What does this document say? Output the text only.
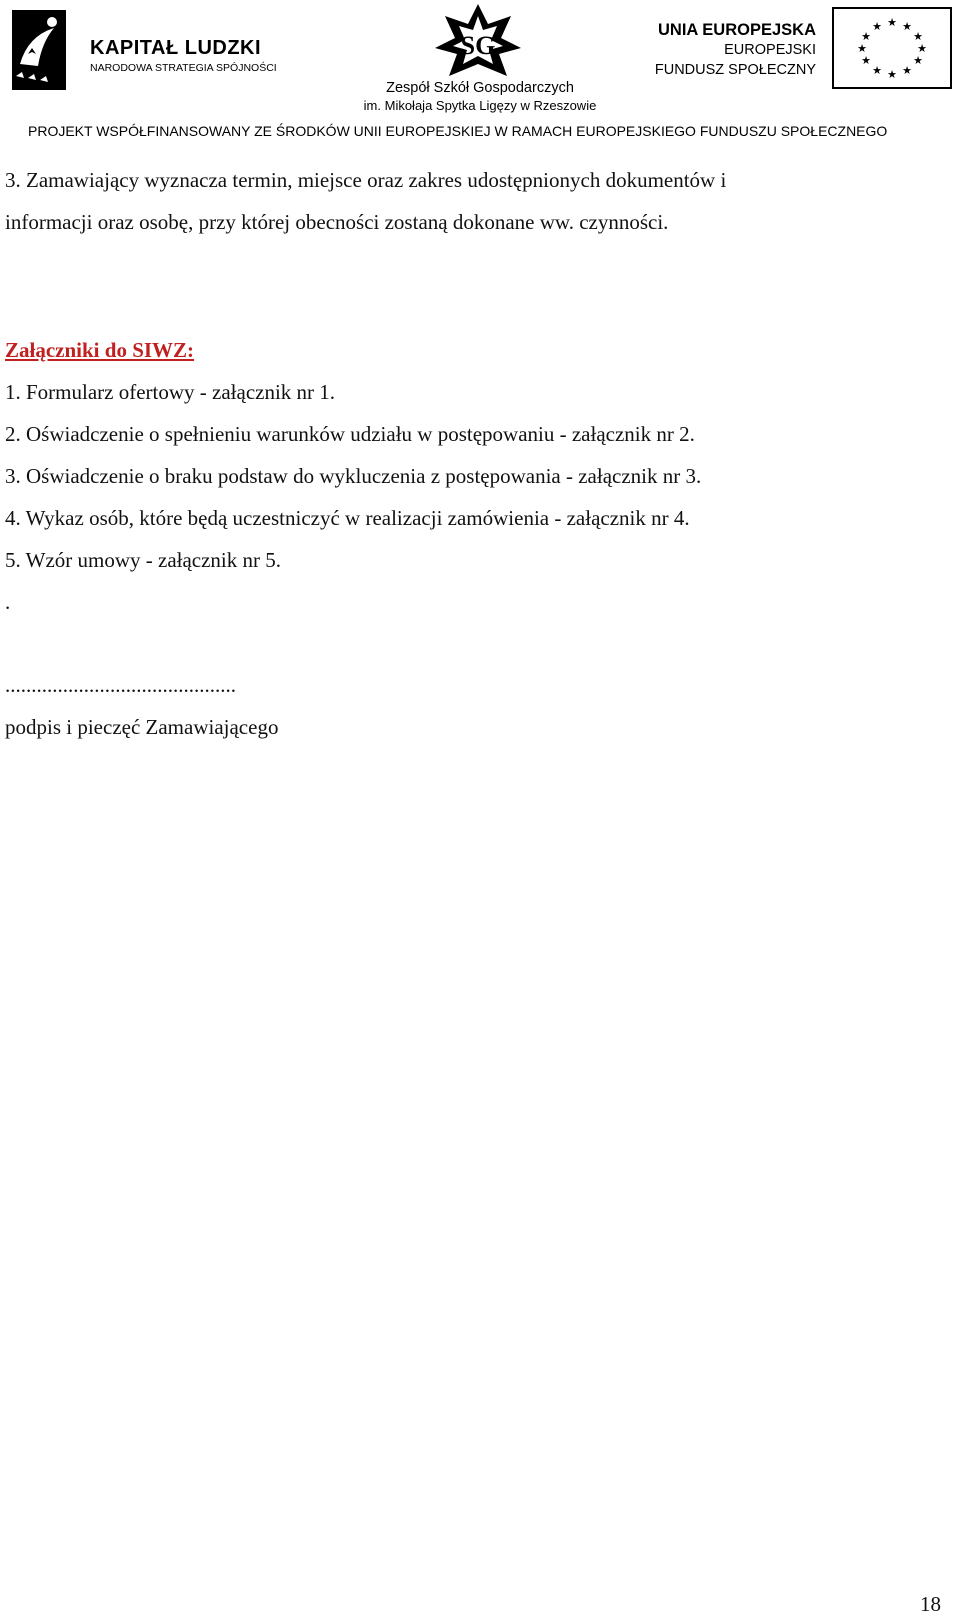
KAPITAŁ LUDZKI
NARODOWA STRATEGIA SPÓJNOŚCI
SG
Zespół Szkół Gospodarczych
im. Mikołaja Spytka Ligęzy w Rzeszowie
UNIA EUROPEJSKA
EUROPEJSKI
FUNDUSZ SPOŁECZNY
★ ★
★
★
★
★
★
★
★
★
★
★
PROJEKT WSPÓŁFINANSOWANY ZE ŚRODKÓW UNII EUROPEJSKIEJ W RAMACH EUROPEJSKIEGO FUNDUSZU SPOŁECZNEGO
3. Zamawiający wyznacza termin, miejsce oraz zakres udostępnionych dokumentów i
informacji oraz osobę, przy której obecności zostaną dokonane ww. czynności.
Załączniki do SIWZ:
1. Formularz ofertowy - załącznik nr 1.
2. Oświadczenie o spełnieniu warunków udziału w postępowaniu - załącznik nr 2.
3. Oświadczenie o braku podstaw do wykluczenia z postępowania - załącznik nr 3.
4. Wykaz osób, które będą uczestniczyć w realizacji zamówienia - załącznik nr 4.
5. Wzór umowy - załącznik nr 5.
.
............................................
podpis i pieczęć Zamawiającego
18
